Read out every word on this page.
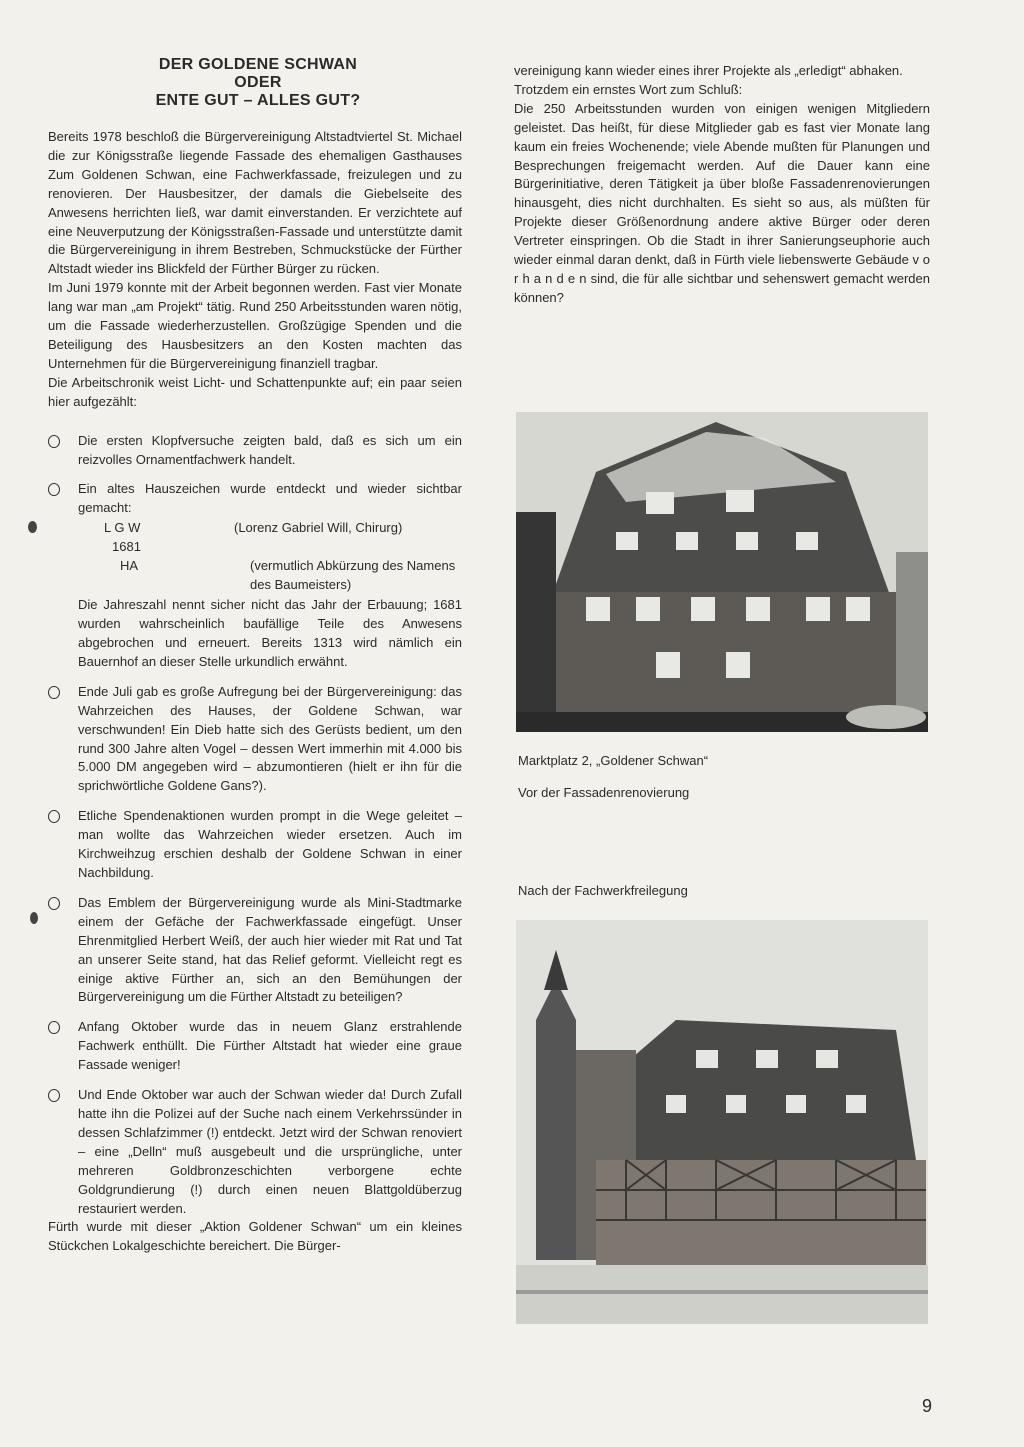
DER GOLDENE SCHWAN
ODER
ENTE GUT – ALLES GUT?

Bereits 1978 beschloß die Bürgervereinigung Altstadtviertel St. Michael die zur Königsstraße liegende Fassade des ehemaligen Gasthauses Zum Goldenen Schwan, eine Fachwerkfassade, freizulegen und zu renovieren. Der Hausbesitzer, der damals die Giebelseite des Anwesens herrichten ließ, war damit einverstanden. Er verzichtete auf eine Neuverputzung der Königsstraßen-Fassade und unterstützte damit die Bürgervereinigung in ihrem Bestreben, Schmuckstücke der Fürther Altstadt wieder ins Blickfeld der Fürther Bürger zu rücken.

Im Juni 1979 konnte mit der Arbeit begonnen werden. Fast vier Monate lang war man „am Projekt“ tätig. Rund 250 Arbeitsstunden waren nötig, um die Fassade wiederherzustellen. Großzügige Spenden und die Beteiligung des Hausbesitzers an den Kosten machten das Unternehmen für die Bürgervereinigung finanziell tragbar.

Die Arbeitschronik weist Licht- und Schattenpunkte auf; ein paar seien hier aufgezählt:

Die ersten Klopfversuche zeigten bald, daß es sich um ein reizvolles Ornamentfachwerk handelt.

Ein altes Hauszeichen wurde entdeckt und wieder sichtbar gemacht:

L G W	(Lorenz Gabriel Will, Chirurg)
1681
HA	(vermutlich Abkürzung des Namens des Baumeisters)

Die Jahreszahl nennt sicher nicht das Jahr der Erbauung; 1681 wurden wahrscheinlich baufällige Teile des Anwesens abgebrochen und erneuert. Bereits 1313 wird nämlich ein Bauernhof an dieser Stelle urkundlich erwähnt.

Ende Juli gab es große Aufregung bei der Bürgervereinigung: das Wahrzeichen des Hauses, der Goldene Schwan, war verschwunden! Ein Dieb hatte sich des Gerüsts bedient, um den rund 300 Jahre alten Vogel – dessen Wert immerhin mit 4.000 bis 5.000 DM angegeben wird – abzumontieren (hielt er ihn für die sprichwörtliche Goldene Gans?).

Etliche Spendenaktionen wurden prompt in die Wege geleitet – man wollte das Wahrzeichen wieder ersetzen. Auch im Kirchweihzug erschien deshalb der Goldene Schwan in einer Nachbildung.

Das Emblem der Bürgervereinigung wurde als Mini-Stadtmarke einem der Gefäche der Fachwerkfassade eingefügt. Unser Ehrenmitglied Herbert Weiß, der auch hier wieder mit Rat und Tat an unserer Seite stand, hat das Relief geformt. Vielleicht regt es einige aktive Fürther an, sich an den Bemühungen der Bürgervereinigung um die Fürther Altstadt zu beteiligen?

Anfang Oktober wurde das in neuem Glanz erstrahlende Fachwerk enthüllt. Die Fürther Altstadt hat wieder eine graue Fassade weniger!

Und Ende Oktober war auch der Schwan wieder da! Durch Zufall hatte ihn die Polizei auf der Suche nach einem Verkehrssünder in dessen Schlafzimmer (!) entdeckt. Jetzt wird der Schwan renoviert – eine „Delln“ muß ausgebeult und die ursprüngliche, unter mehreren Goldbronzeschichten verborgene echte Goldgrundierung (!) durch einen neuen Blattgoldüberzug restauriert werden.

Fürth wurde mit dieser „Aktion Goldener Schwan“ um ein kleines Stückchen Lokalgeschichte bereichert. Die Bürger-

vereinigung kann wieder eines ihrer Projekte als „erledigt“ abhaken.

Trotzdem ein ernstes Wort zum Schluß:

Die 250 Arbeitsstunden wurden von einigen wenigen Mitgliedern geleistet. Das heißt, für diese Mitglieder gab es fast vier Monate lang kaum ein freies Wochenende; viele Abende mußten für Planungen und Besprechungen freigemacht werden. Auf die Dauer kann eine Bürgerinitiative, deren Tätigkeit ja über bloße Fassadenrenovierungen hinausgeht, dies nicht durchhalten. Es sieht so aus, als müßten für Projekte dieser Größenordnung andere aktive Bürger oder deren Vertreter einspringen. Ob die Stadt in ihrer Sanierungseuphorie auch wieder einmal daran denkt, daß in Fürth viele liebenswerte Gebäude v o r h a n d e n sind, die für alle sichtbar und sehenswert gemacht werden können?

Marktplatz 2, „Goldener Schwan“
Vor der Fassadenrenovierung
Nach der Fachwerkfreilegung
9
